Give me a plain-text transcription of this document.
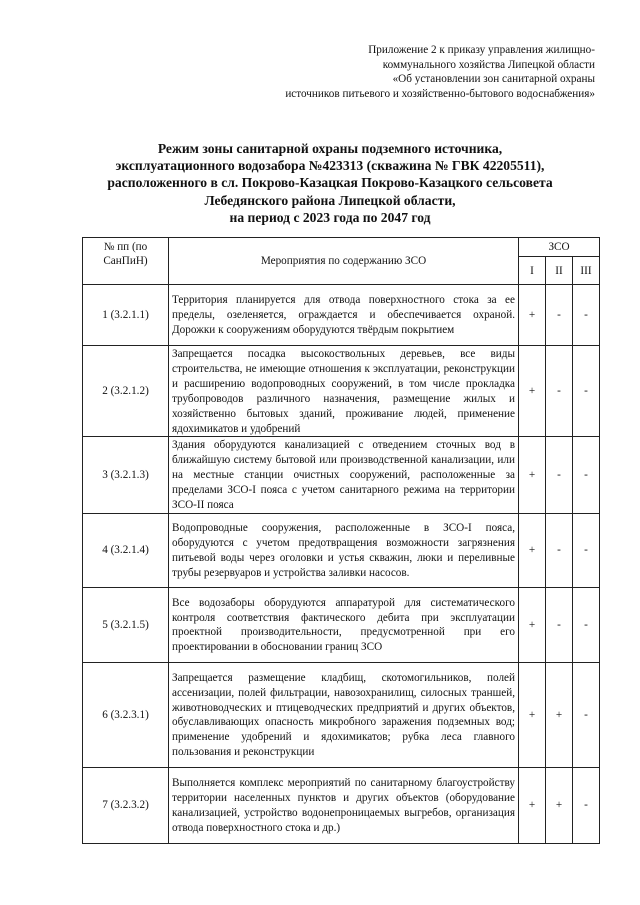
Приложение 2 к приказу управления жилищно-
коммунального хозяйства Липецкой области
«Об установлении зон санитарной охраны
источников питьевого и хозяйственно-бытового водоснабжения»
Режим зоны санитарной охраны подземного источника,
эксплуатационного водозабора №423313 (скважина № ГВК 42205511),
расположенного в сл. Покрово-Казацкая Покрово-Казацкого сельсовета
Лебедянского района Липецкой области,
на период с 2023 года по 2047 год
№ пп (по
СанПиН)	Мероприятия по содержанию ЗСО	ЗСО		
		I	II	III
1 (3.2.1.1)	Территория планируется для отвода поверхностного стока за ее пределы, озеленяется, ограждается и обеспечивается охраной. Дорожки к сооружениям оборудуются твёрдым покрытием	+	-	-
2 (3.2.1.2)	Запрещается посадка высокоствольных деревьев, все виды строительства, не имеющие отношения к эксплуатации, реконструкции и расширению водопроводных сооружений, в том числе прокладка трубопроводов различного назначения, размещение жилых и хозяйственно бытовых зданий, проживание людей, применение ядохимикатов и удобрений	+	-	-
3 (3.2.1.3)	Здания оборудуются канализацией с отведением сточных вод в ближайшую систему бытовой или производственной канализации, или на местные станции очистных сооружений, расположенные за пределами ЗСО-I пояса с учетом санитарного режима на территории ЗСО-II пояса	+	-	-
4 (3.2.1.4)	Водопроводные сооружения, расположенные в ЗСО-I пояса, оборудуются с учетом предотвращения возможности загрязнения питьевой воды через оголовки и устья скважин, люки и переливные трубы резервуаров и устройства заливки насосов.	+	-	-
5 (3.2.1.5)	Все водозаборы оборудуются аппаратурой для систематического контроля соответствия фактического дебита при эксплуатации проектной производительности, предусмотренной при его проектировании в обосновании границ ЗСО	+	-	-
6 (3.2.3.1)	Запрещается размещение кладбищ, скотомогильников, полей ассенизации, полей фильтрации, навозохранилищ, силосных траншей, животноводческих и птицеводческих предприятий и других объектов, обуславливающих опасность микробного заражения подземных вод; применение удобрений и ядохимикатов; рубка леса главного пользования и реконструкции	+	+	-
7 (3.2.3.2)	Выполняется комплекс мероприятий по санитарному благоустройству территории населенных пунктов и других объектов (оборудование канализацией, устройство водонепроницаемых выгребов, организация отвода поверхностного стока и др.)	+	+	-
